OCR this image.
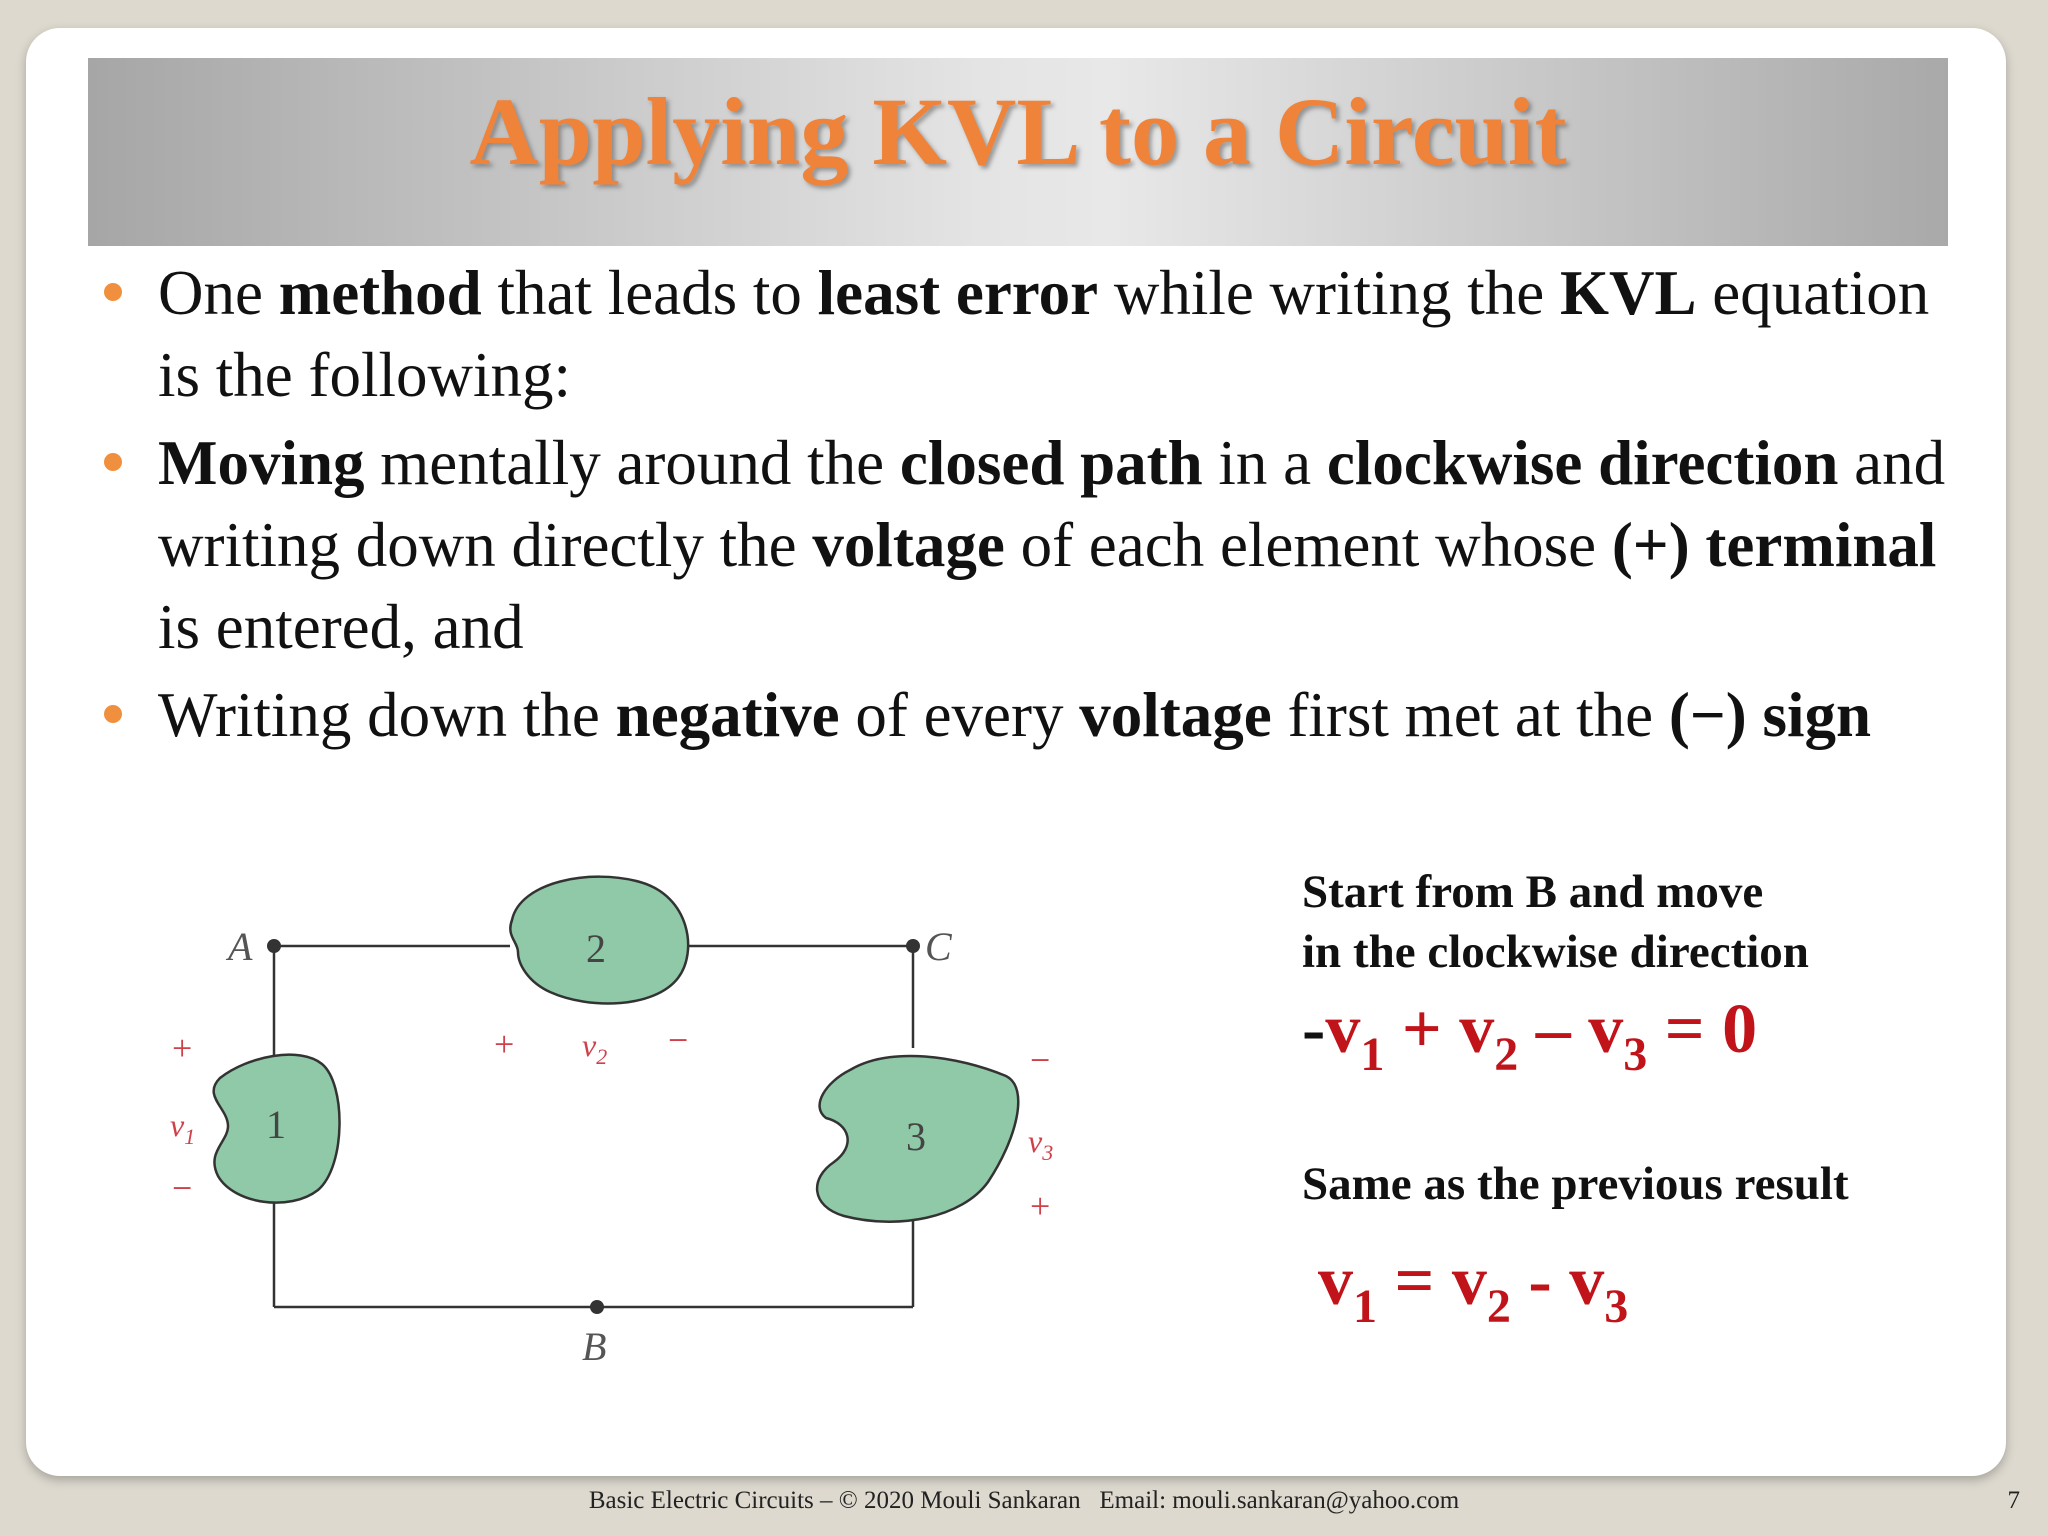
Applying KVL to a Circuit
One method that leads to least error while writing the KVL equation is the following:
Moving mentally around the closed path in a clockwise direction and writing down directly the voltage of each element whose (+) terminal is entered, and
Writing down the negative of every voltage first met at the (−) sign
A	C
B
2
1	3
+ $v_2$ −
+
$v_1$
−
−
$v_3$
+
Start from B and move
in the clockwise direction
$-v_1 + v_2 - v_3 = 0$
Same as the previous result
$v_1 = v_2 - v_3$
Basic Electric Circuits – © 2020 Mouli Sankaran   Email: mouli.sankaran@yahoo.com	7
